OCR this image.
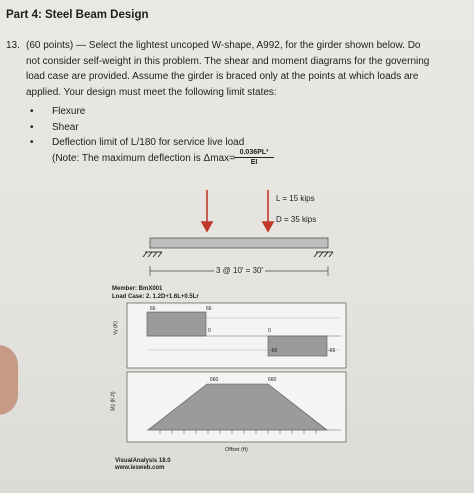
Part 4: Steel Beam Design
13. (60 points) — Select the lightest uncoped W-shape, A992, for the girder shown below. Do
not consider self-weight in this problem. The shear and moment diagrams for the governing
load case are provided. Assume the girder is braced only at the points at which loads are
applied. Your design must meet the following limit states:
•	Flexure
•	Shear
•	Deflection limit of L/180 for service live load
(Note: The maximum deflection is Δmax=
0.036PL³
EI
L = 15 kips
D = 35 kips
3 @ 10' = 30'
Member: BmX001
Load Case: 2. 1.2D+1.6L+0.5Lr
66	66
0	0
-66	-66
660	660
Vy (K)
Mz (K-ft)
Offset (ft)
VisualAnalysis 18.0
www.iesweb.com
